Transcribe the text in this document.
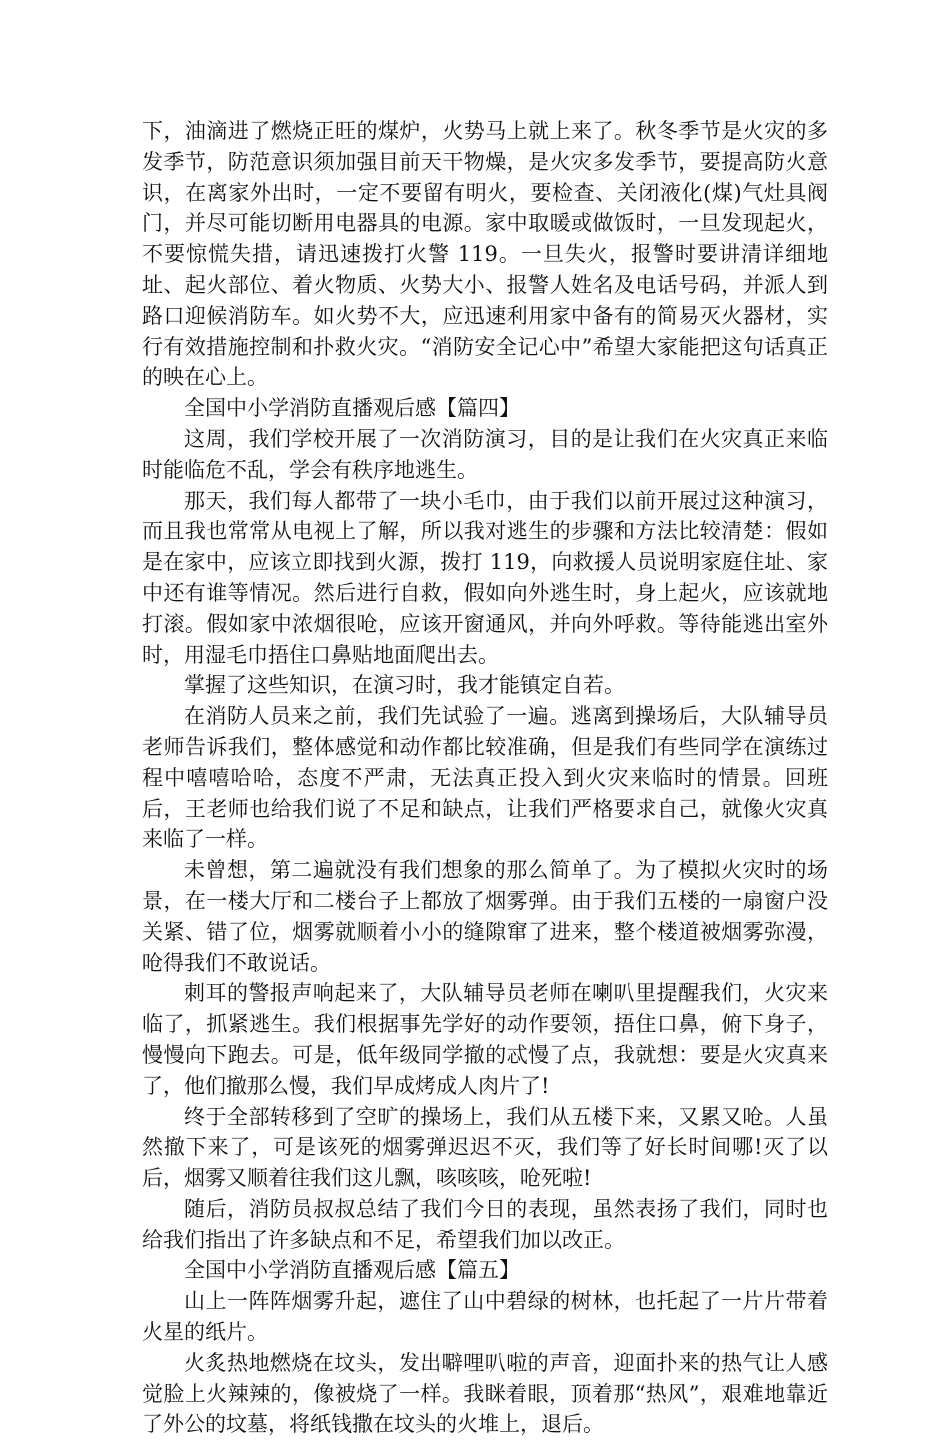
下，油滴进了燃烧正旺的煤炉，火势马上就上来了。秋冬季节是火灾的多发季节，防范意识须加强目前天干物燥，是火灾多发季节，要提高防火意识，在离家外出时，一定不要留有明火，要检查、关闭液化(煤)气灶具阀门，并尽可能切断用电器具的电源。家中取暖或做饭时，一旦发现起火，不要惊慌失措，请迅速拨打火警 119。一旦失火，报警时要讲清详细地址、起火部位、着火物质、火势大小、报警人姓名及电话号码，并派人到路口迎候消防车。如火势不大，应迅速利用家中备有的简易灭火器材，实行有效措施控制和扑救火灾。“消防安全记心中”希望大家能把这句话真正的映在心上。

全国中小学消防直播观后感【篇四】

这周，我们学校开展了一次消防演习，目的是让我们在火灾真正来临时能临危不乱，学会有秩序地逃生。

那天，我们每人都带了一块小毛巾，由于我们以前开展过这种演习，而且我也常常从电视上了解，所以我对逃生的步骤和方法比较清楚：假如是在家中，应该立即找到火源，拨打 119，向救援人员说明家庭住址、家中还有谁等情况。然后进行自救，假如向外逃生时，身上起火，应该就地打滚。假如家中浓烟很呛，应该开窗通风，并向外呼救。等待能逃出室外时，用湿毛巾捂住口鼻贴地面爬出去。

掌握了这些知识，在演习时，我才能镇定自若。

在消防人员来之前，我们先试验了一遍。逃离到操场后，大队辅导员老师告诉我们，整体感觉和动作都比较准确，但是我们有些同学在演练过程中嘻嘻哈哈，态度不严肃，无法真正投入到火灾来临时的情景。回班后，王老师也给我们说了不足和缺点，让我们严格要求自己，就像火灾真来临了一样。

未曾想，第二遍就没有我们想象的那么简单了。为了模拟火灾时的场景，在一楼大厅和二楼台子上都放了烟雾弹。由于我们五楼的一扇窗户没关紧、错了位，烟雾就顺着小小的缝隙窜了进来，整个楼道被烟雾弥漫，呛得我们不敢说话。

刺耳的警报声响起来了，大队辅导员老师在喇叭里提醒我们，火灾来临了，抓紧逃生。我们根据事先学好的动作要领，捂住口鼻，俯下身子，慢慢向下跑去。可是，低年级同学撤的忒慢了点，我就想：要是火灾真来了，他们撤那么慢，我们早成烤成人肉片了!

终于全部转移到了空旷的操场上，我们从五楼下来，又累又呛。人虽然撤下来了，可是该死的烟雾弹迟迟不灭，我们等了好长时间哪!灭了以后，烟雾又顺着往我们这儿飘，咳咳咳，呛死啦!

随后，消防员叔叔总结了我们今日的表现，虽然表扬了我们，同时也给我们指出了许多缺点和不足，希望我们加以改正。

全国中小学消防直播观后感【篇五】

山上一阵阵烟雾升起，遮住了山中碧绿的树林，也托起了一片片带着火星的纸片。

火炙热地燃烧在坟头，发出噼哩叭啦的声音，迎面扑来的热气让人感觉脸上火辣辣的，像被烧了一样。我眯着眼，顶着那“热风”，艰难地靠近了外公的坟墓，将纸钱撒在坟头的火堆上，退后。
